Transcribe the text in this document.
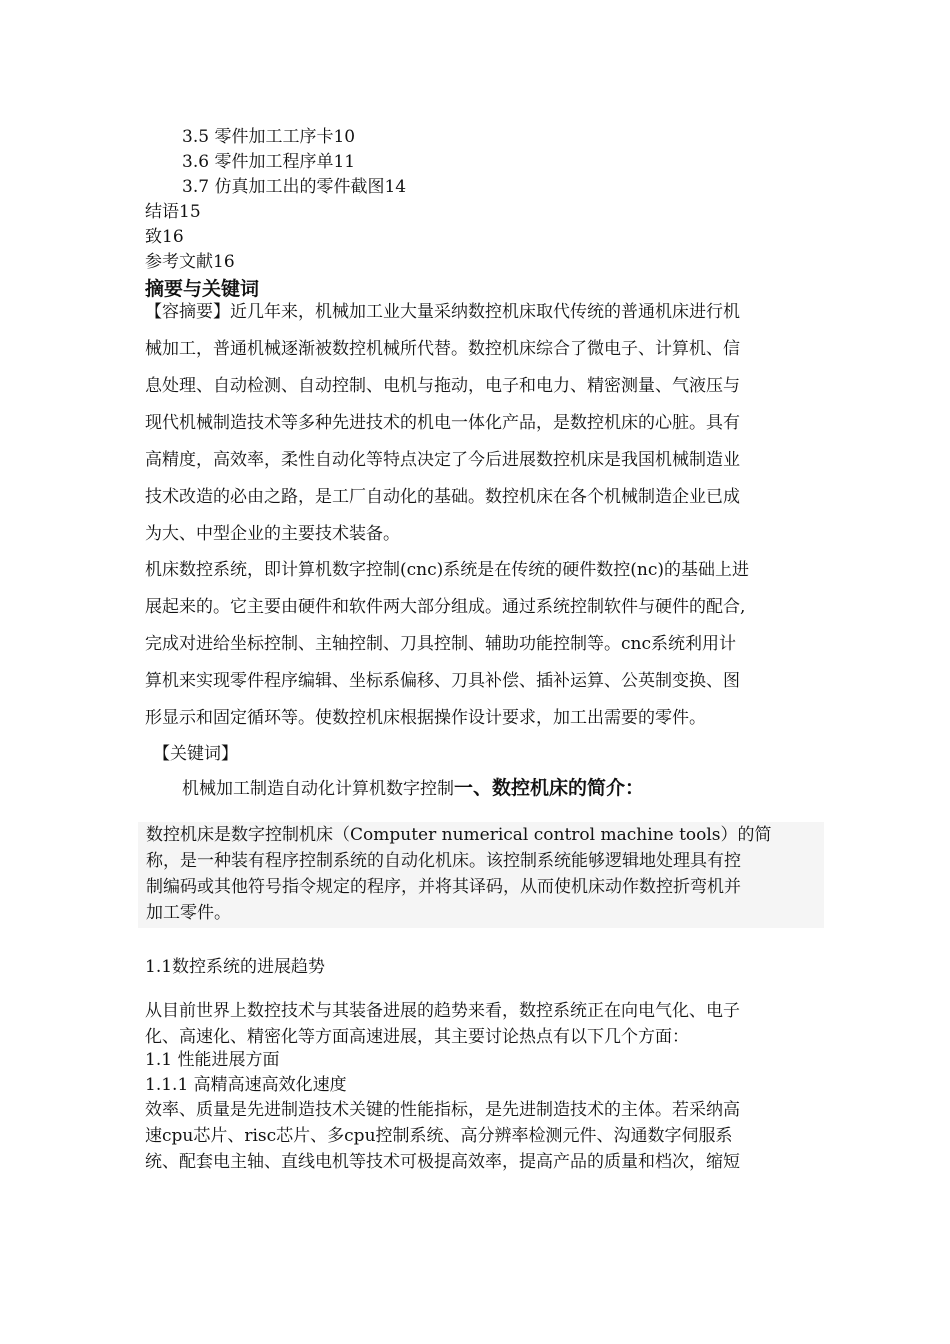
3.5 零件加工工序卡10
3.6 零件加工程序单11
3.7 仿真加工出的零件截图14
结语15
致16
参考文献16
摘要与关键词
【容摘要】近几年来，机械加工业大量采纳数控机床取代传统的普通机床进行机
械加工，普通机械逐渐被数控机械所代替。数控机床综合了微电子、计算机、信
息处理、自动检测、自动控制、电机与拖动，电子和电力、精密测量、气液压与
现代机械制造技术等多种先进技术的机电一体化产品，是数控机床的心脏。具有
高精度，高效率，柔性自动化等特点决定了今后进展数控机床是我国机械制造业
技术改造的必由之路，是工厂自动化的基础。数控机床在各个机械制造企业已成
为大、中型企业的主要技术装备。
机床数控系统，即计算机数字控制(cnc)系统是在传统的硬件数控(nc)的基础上进
展起来的。它主要由硬件和软件两大部分组成。通过系统控制软件与硬件的配合,
完成对进给坐标控制、主轴控制、刀具控制、辅助功能控制等。cnc系统利用计
算机来实现零件程序编辑、坐标系偏移、刀具补偿、插补运算、公英制变换、图
形显示和固定循环等。使数控机床根据操作设计要求，加工出需要的零件。
【关键词】
机械加工制造自动化计算机数字控制一、数控机床的简介：
数控机床是数字控制机床（Computer numerical control machine tools）的简
称，是一种装有程序控制系统的自动化机床。该控制系统能够逻辑地处理具有控
制编码或其他符号指令规定的程序，并将其译码，从而使机床动作数控折弯机并
加工零件。
1.1数控系统的进展趋势
从目前世界上数控技术与其装备进展的趋势来看，数控系统正在向电气化、电子
化、高速化、精密化等方面高速进展，其主要讨论热点有以下几个方面：
1.1 性能进展方面
1.1.1 高精高速高效化速度
效率、质量是先进制造技术关键的性能指标，是先进制造技术的主体。若采纳高
速cpu芯片、risc芯片、多cpu控制系统、高分辨率检测元件、沟通数字伺服系
统、配套电主轴、直线电机等技术可极提高效率，提高产品的质量和档次，缩短
